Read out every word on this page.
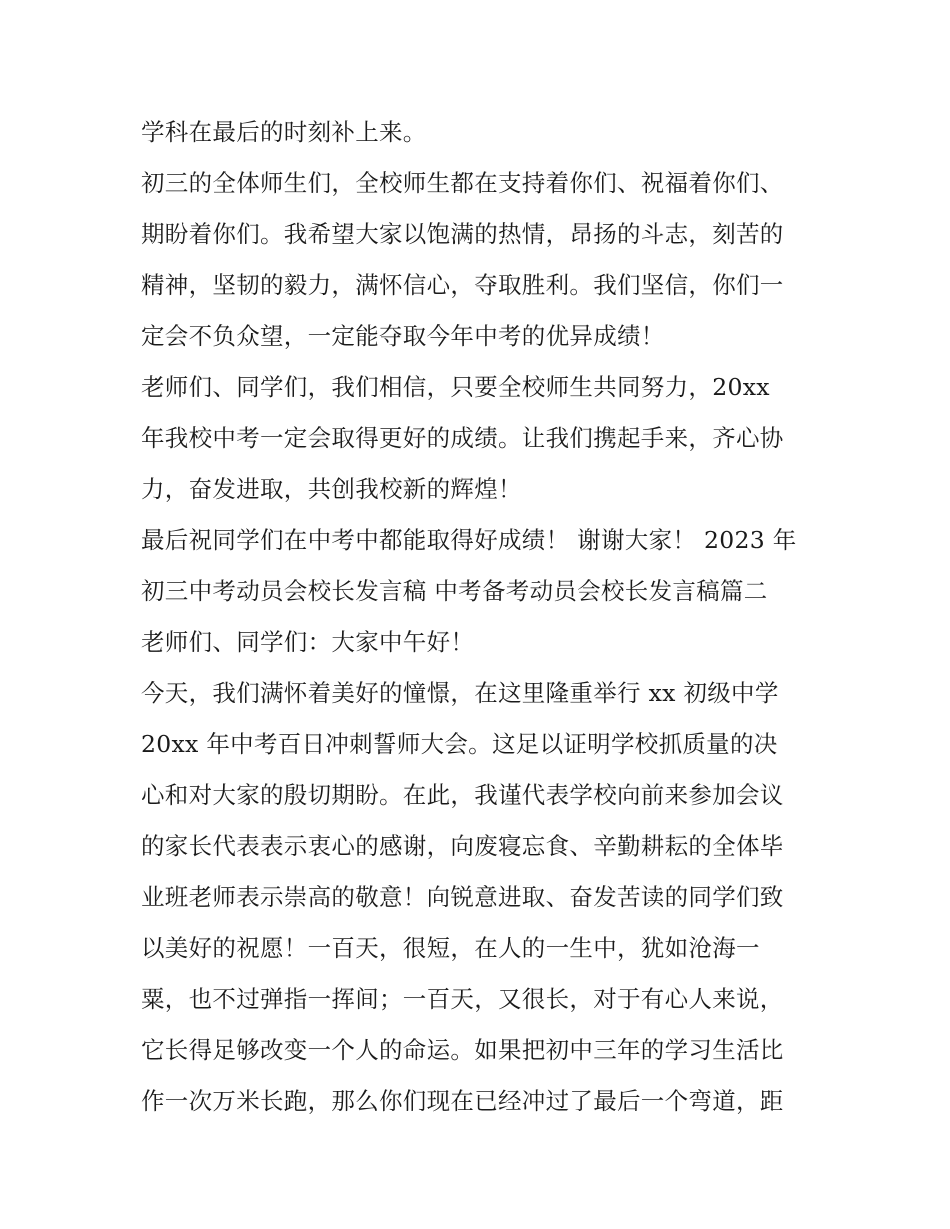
学科在最后的时刻补上来。
初三的全体师生们，全校师生都在支持着你们、祝福着你们、
期盼着你们。我希望大家以饱满的热情，昂扬的斗志，刻苦的
精神，坚韧的毅力，满怀信心，夺取胜利。我们坚信，你们一
定会不负众望，一定能夺取今年中考的优异成绩！
老师们、同学们，我们相信，只要全校师生共同努力，20xx
年我校中考一定会取得更好的成绩。让我们携起手来，齐心协
力，奋发进取，共创我校新的辉煌！
最后祝同学们在中考中都能取得好成绩！ 谢谢大家！ 2023 年
初三中考动员会校长发言稿 中考备考动员会校长发言稿篇二
老师们、同学们：大家中午好！
今天，我们满怀着美好的憧憬，在这里隆重举行 xx 初级中学
20xx 年中考百日冲刺誓师大会。这足以证明学校抓质量的决
心和对大家的殷切期盼。在此，我谨代表学校向前来参加会议
的家长代表表示衷心的感谢，向废寝忘食、辛勤耕耘的全体毕
业班老师表示崇高的敬意！向锐意进取、奋发苦读的同学们致
以美好的祝愿！一百天，很短，在人的一生中，犹如沧海一
粟，也不过弹指一挥间；一百天，又很长，对于有心人来说，
它长得足够改变一个人的命运。如果把初中三年的学习生活比
作一次万米长跑，那么你们现在已经冲过了最后一个弯道，距
